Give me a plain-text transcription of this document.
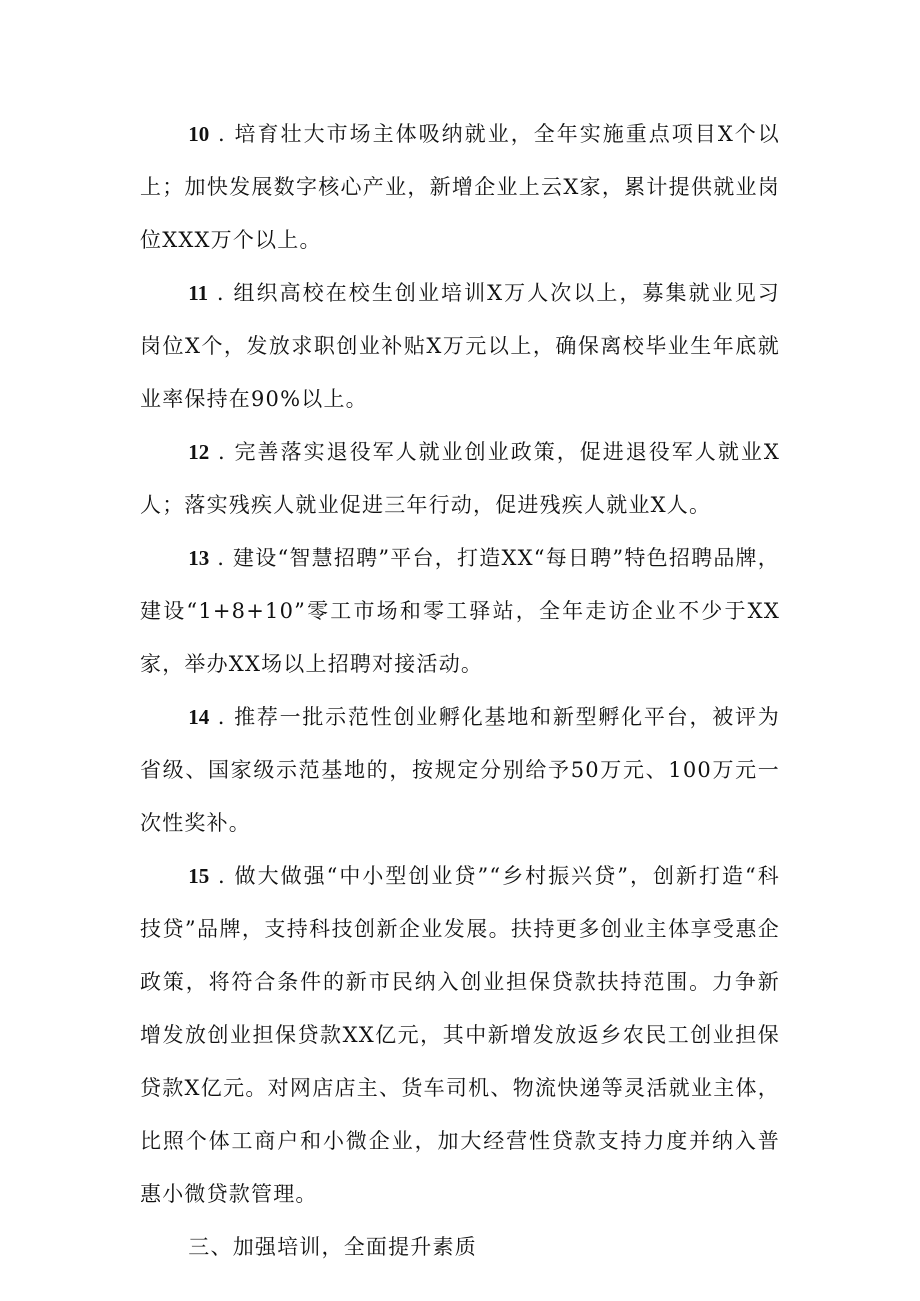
10 . 培育壮大市场主体吸纳就业，全年实施重点项目X个以上；加快发展数字核心产业，新增企业上云X家，累计提供就业岗位XXX万个以上。

11 . 组织高校在校生创业培训X万人次以上，募集就业见习岗位X个，发放求职创业补贴X万元以上，确保离校毕业生年底就业率保持在90%以上。

12 . 完善落实退役军人就业创业政策，促进退役军人就业X人；落实残疾人就业促进三年行动，促进残疾人就业X人。

13 . 建设“智慧招聘”平台，打造XX“每日聘”特色招聘品牌，建设“1+8+10”零工市场和零工驿站，全年走访企业不少于XX家，举办XX场以上招聘对接活动。

14 . 推荐一批示范性创业孵化基地和新型孵化平台，被评为省级、国家级示范基地的，按规定分别给予50万元、100万元一次性奖补。

15 . 做大做强“中小型创业贷”“乡村振兴贷”，创新打造“科技贷”品牌，支持科技创新企业发展。扶持更多创业主体享受惠企政策，将符合条件的新市民纳入创业担保贷款扶持范围。力争新增发放创业担保贷款XX亿元，其中新增发放返乡农民工创业担保贷款X亿元。对网店店主、货车司机、物流快递等灵活就业主体，比照个体工商户和小微企业，加大经营性贷款支持力度并纳入普惠小微贷款管理。

三、加强培训，全面提升素质
